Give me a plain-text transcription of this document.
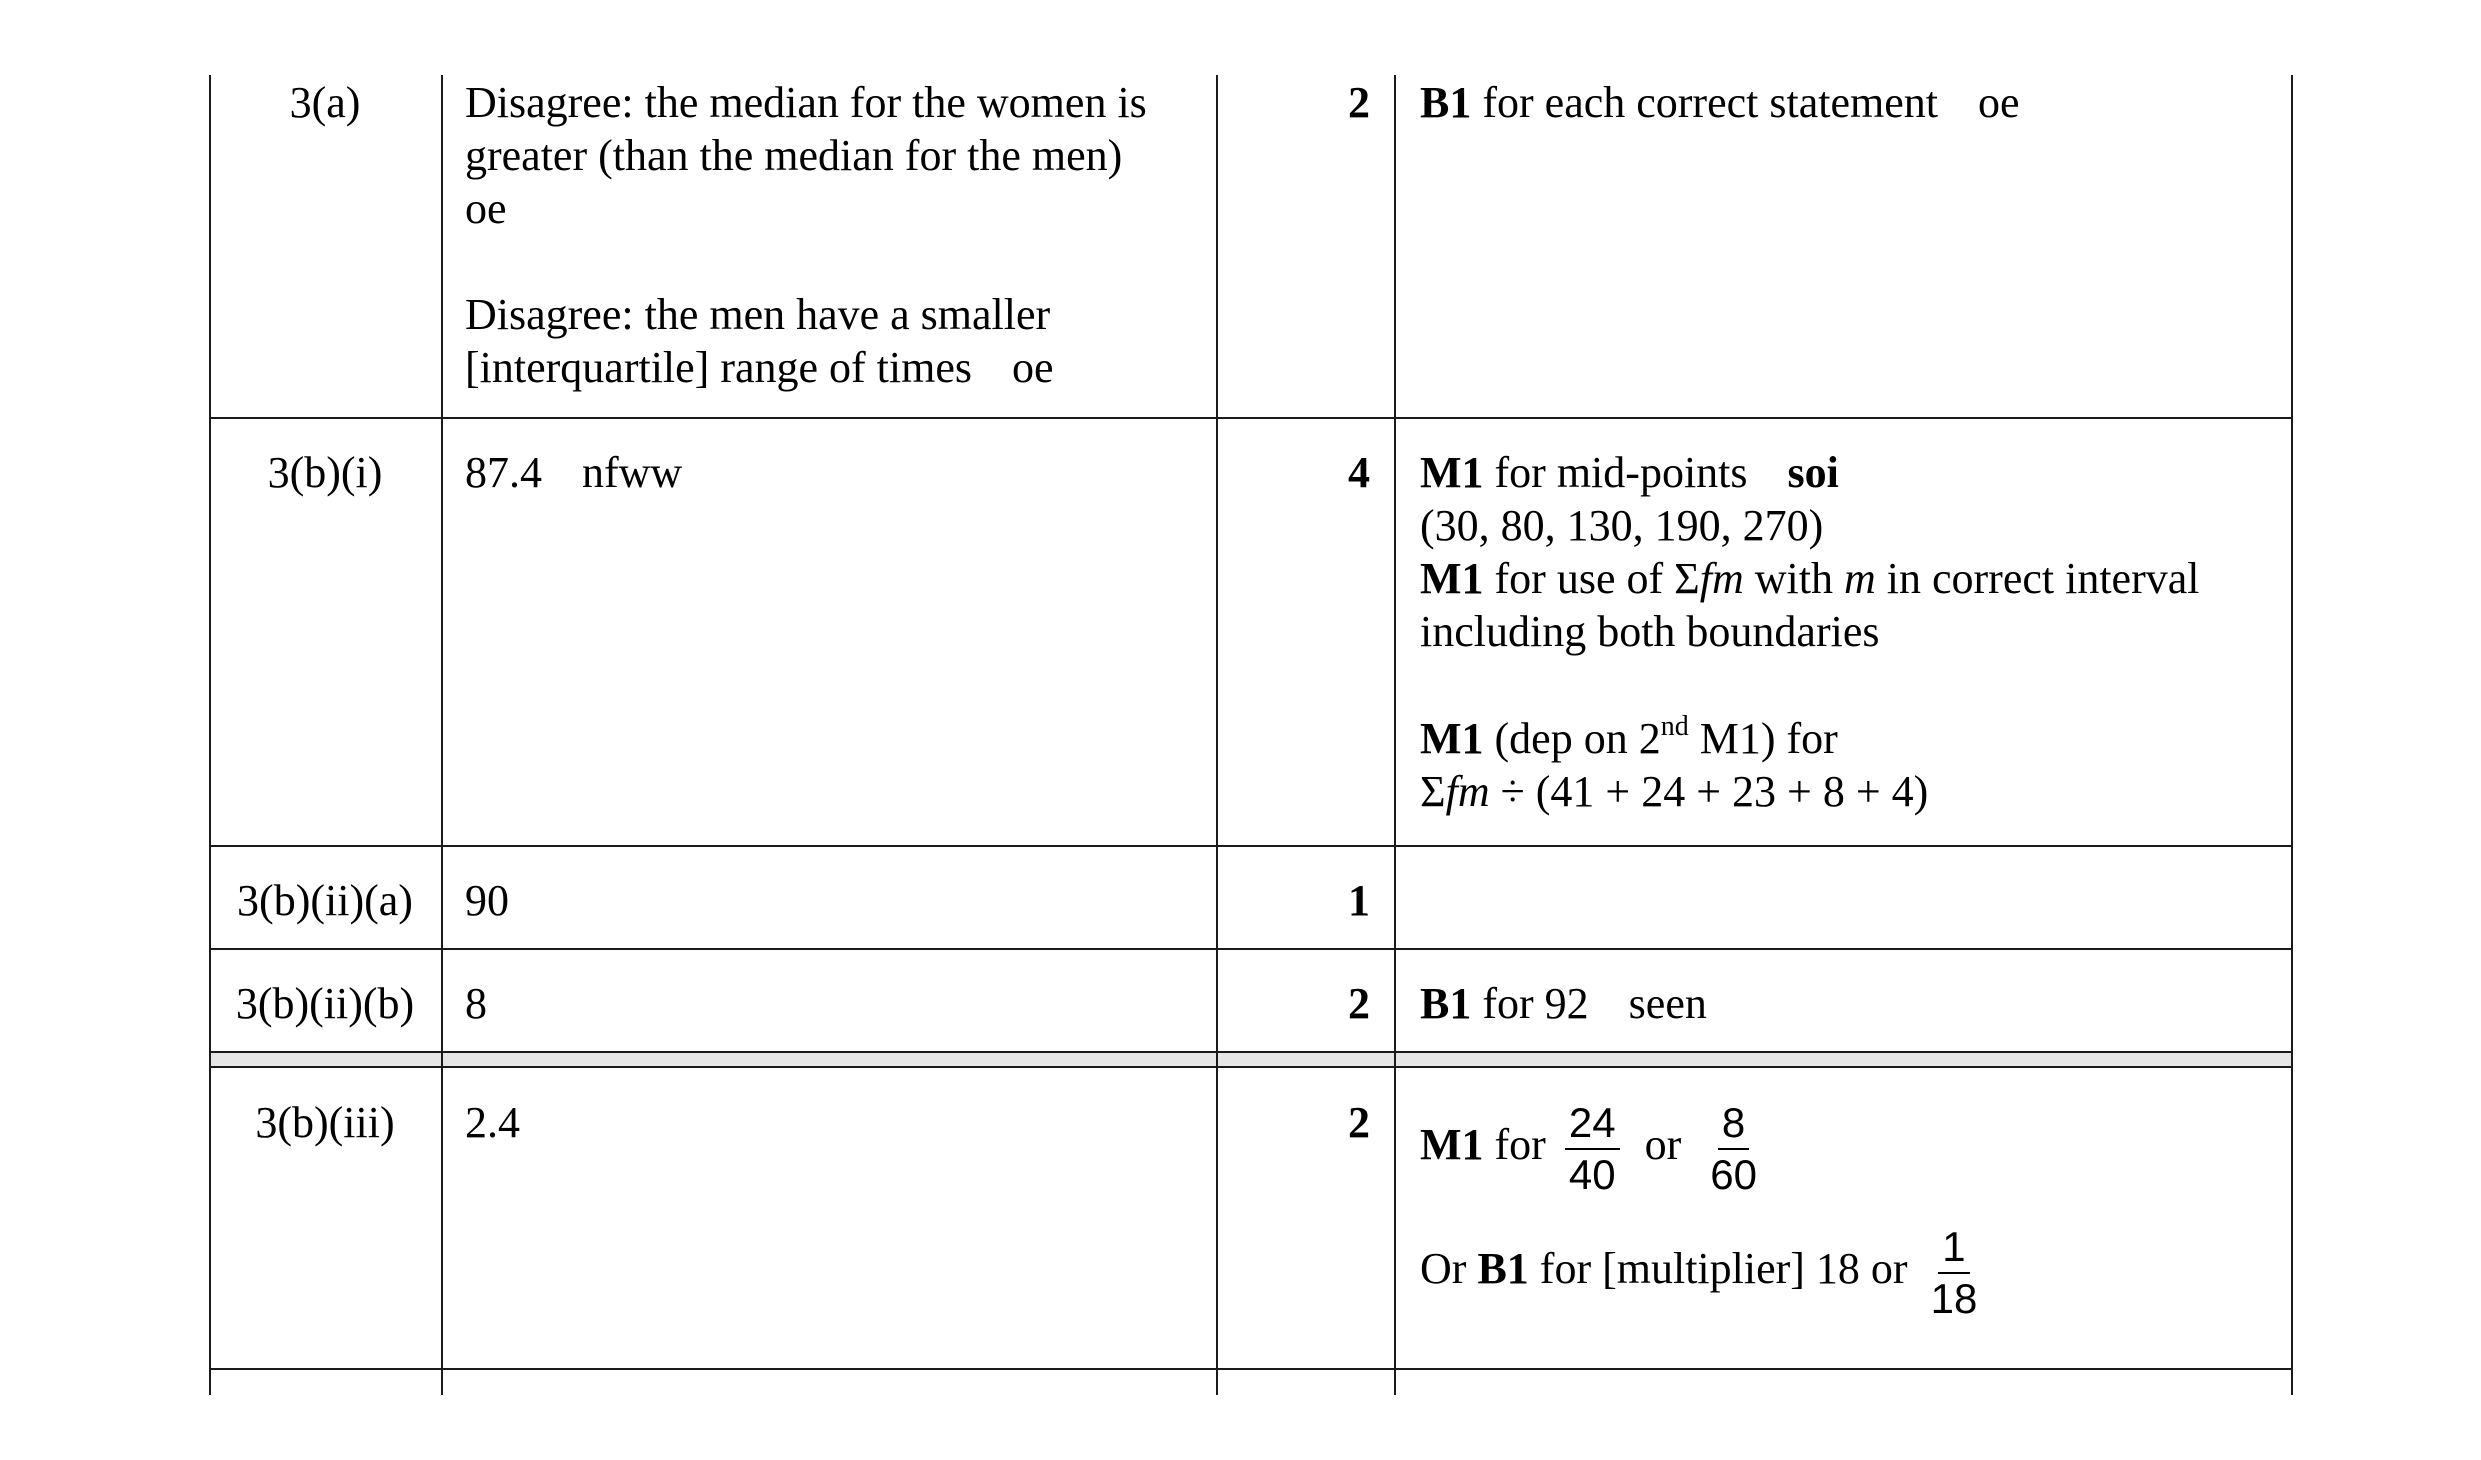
3(a)	Disagree: the median for the women is greater (than the median for the men)
oe
Disagree: the men have a smaller [interquartile] range of times oe
2 B1 for each correct statement oe
3(b)(i)	87.4 nfww	4 M1 for mid-points soi
(30, 80, 130, 190, 270)
M1 for use of Σfm with m in correct interval including both boundaries
M1 (dep on 2nd M1) for
Σfm ÷ (41 + 24 + 23 + 8 + 4)
3(b)(ii)(a)	90	1
3(b)(ii)(b)	8	2 B1 for 92 seen
3(b)(iii)	2.4	2 M1 for $\frac{24}{40}$ or $\frac{8}{60}$
Or B1 for [multiplier] 18 or $\frac{1}{18}$
